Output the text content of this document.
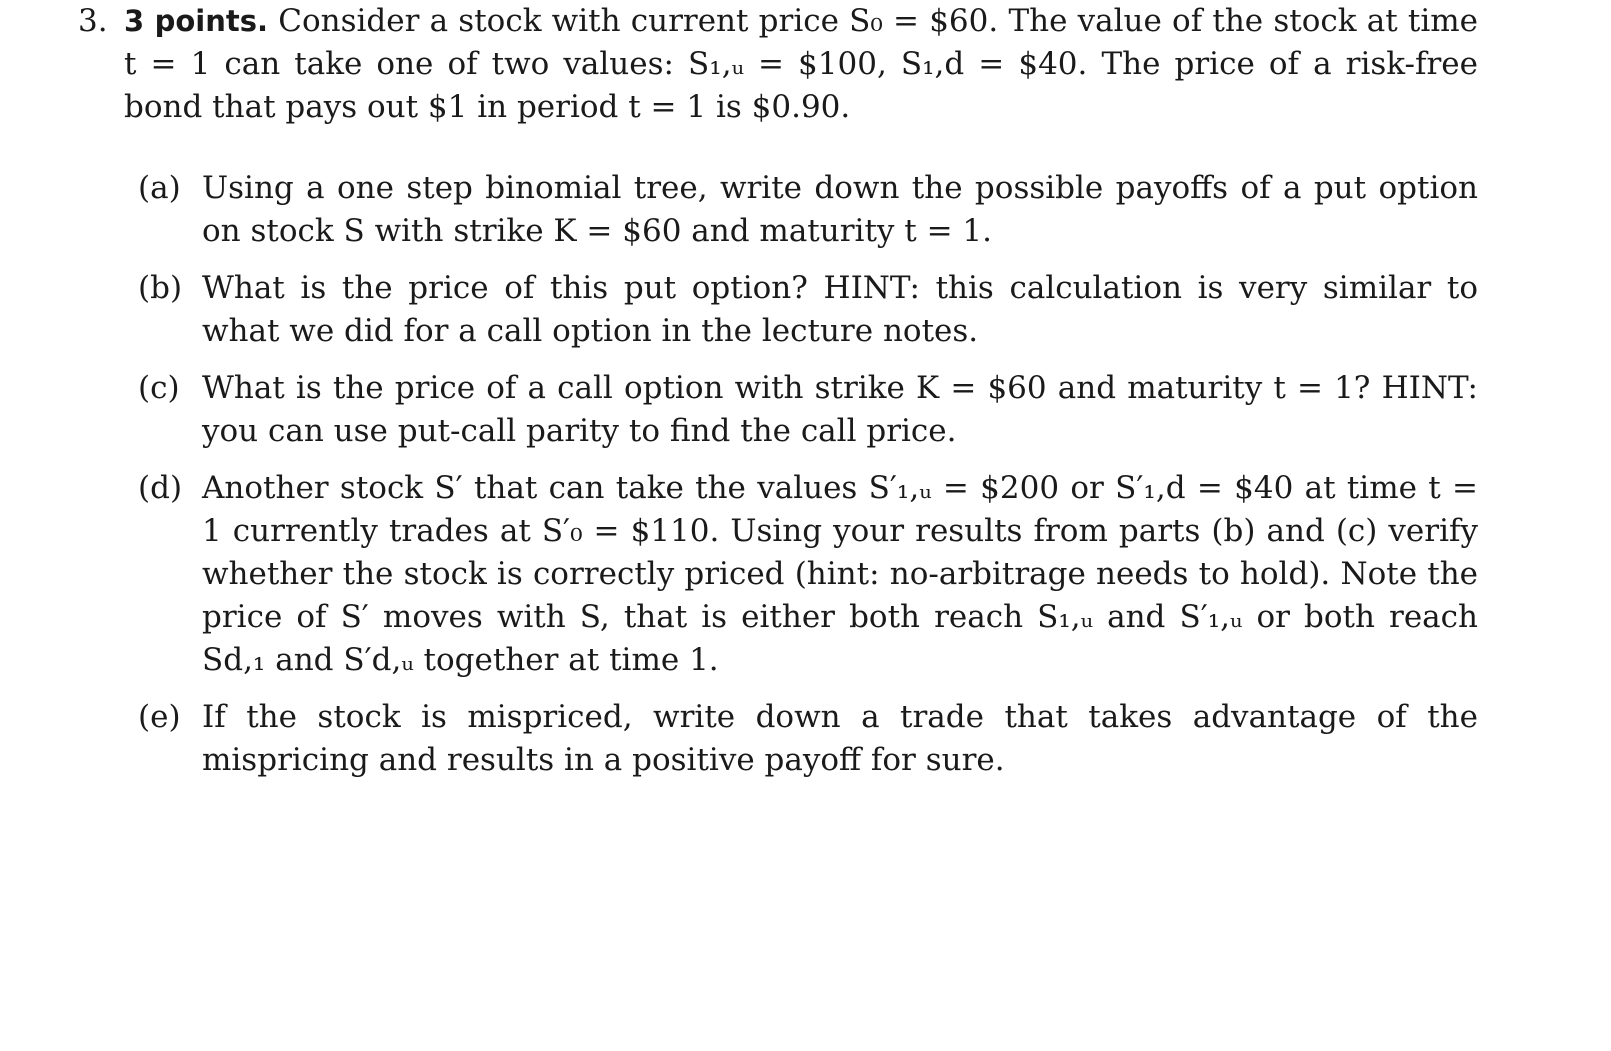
3. 3 points. Consider a stock with current price S₀ = $60. The value of the stock at time t = 1 can take one of two values: S₁,ᵤ = $100, S₁,d = $40. The price of a risk-free bond that pays out $1 in period t = 1 is $0.90.
(a) Using a one step binomial tree, write down the possible payoffs of a put option on stock S with strike K = $60 and maturity t = 1.
(b) What is the price of this put option? HINT: this calculation is very similar to what we did for a call option in the lecture notes.
(c) What is the price of a call option with strike K = $60 and maturity t = 1? HINT: you can use put-call parity to find the call price.
(d) Another stock S′ that can take the values S′₁,ᵤ = $200 or S′₁,d = $40 at time t = 1 currently trades at S′₀ = $110. Using your results from parts (b) and (c) verify whether the stock is correctly priced (hint: no-arbitrage needs to hold). Note the price of S′ moves with S, that is either both reach S₁,ᵤ and S′₁,ᵤ or both reach Sd,₁ and S′d,ᵤ together at time 1.
(e) If the stock is mispriced, write down a trade that takes advantage of the mispricing and results in a positive payoff for sure.
